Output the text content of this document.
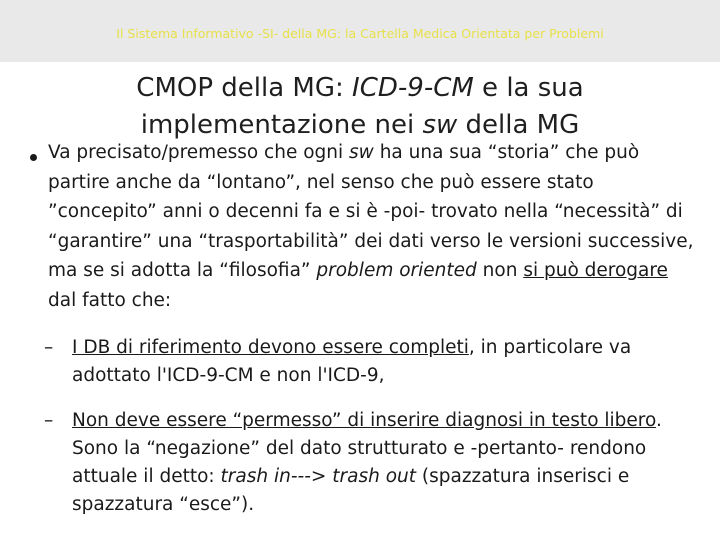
Il Sistema Informativo -SI- della MG: la Cartella Medica Orientata per Problemi
CMOP della MG: ICD-9-CM e la sua implementazione nei sw della MG
Va precisato/premesso che ogni sw ha una sua “storia” che può partire anche da “lontano”, nel senso che può essere stato ”concepito” anni o decenni fa e si è -poi- trovato nella “necessità” di “garantire” una “trasportabilità” dei dati verso le versioni successive, ma se si adotta la “filosofia” problem oriented non si può derogare dal fatto che:
–	I DB di riferimento devono essere completi, in particolare va adottato l'ICD-9-CM e non l'ICD-9,
–	Non deve essere “permesso” di inserire diagnosi in testo libero. Sono la “negazione” del dato strutturato e -pertanto- rendono attuale il detto: trash in---> trash out (spazzatura inserisci e spazzatura “esce”).
